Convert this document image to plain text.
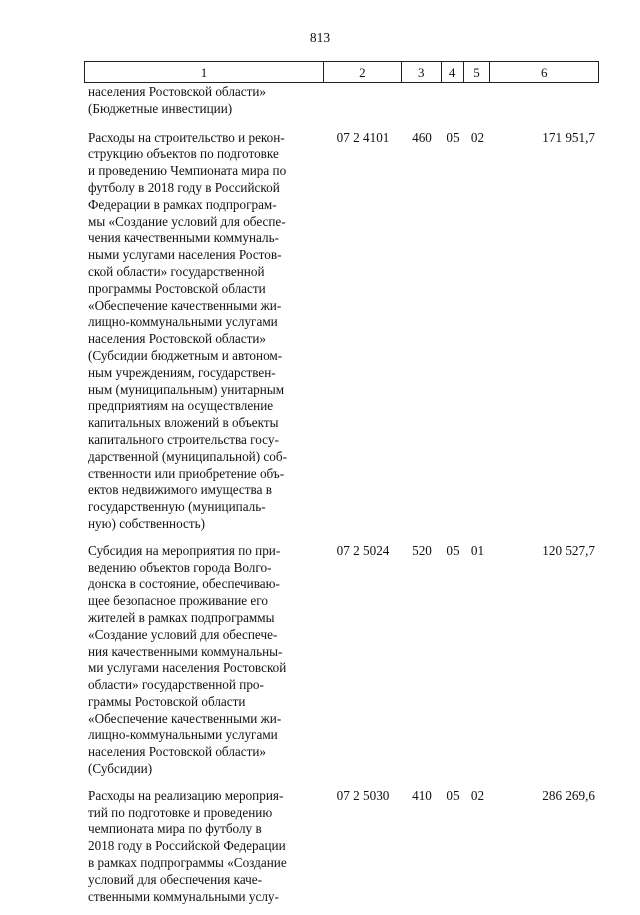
813
1	2	3	4	5	6
населения Ростовской области»
(Бюджетные инвестиции)
Расходы на строительство и рекон-
струкцию объектов по подготовке
и проведению Чемпионата мира по
футболу в 2018 году в Российской
Федерации в рамках подпрограм-
мы «Создание условий для обеспе-
чения качественными коммуналь-
ными услугами населения Ростов-
ской области» государственной
программы Ростовской области
«Обеспечение качественными жи-
лищно-коммунальными услугами
населения Ростовской области»
(Субсидии бюджетным и автоном-
ным учреждениям, государствен-
ным (муниципальным) унитарным
предприятиям на осуществление
капитальных вложений в объекты
капитального строительства госу-
дарственной (муниципальной) соб-
ственности или приобретение объ-
ектов недвижимого имущества в
государственную (муниципаль-
ную) собственность)
07 2 4101	460	05 02	171 951,7
Субсидия на мероприятия по при-
ведению объектов города Волго-
донска в состояние, обеспечиваю-
щее безопасное проживание его
жителей в рамках подпрограммы
«Создание условий для обеспече-
ния качественными коммунальны-
ми услугами населения Ростовской
области» государственной про-
граммы Ростовской области
«Обеспечение качественными жи-
лищно-коммунальными услугами
населения Ростовской области»
(Субсидии)
07 2 5024	520	05 01	120 527,7
Расходы на реализацию мероприя-
тий по подготовке и проведению
чемпионата мира по футболу в
2018 году в Российской Федерации
в рамках подпрограммы «Создание
условий для обеспечения каче-
ственными коммунальными услу-
07 2 5030	410	05 02	286 269,6
